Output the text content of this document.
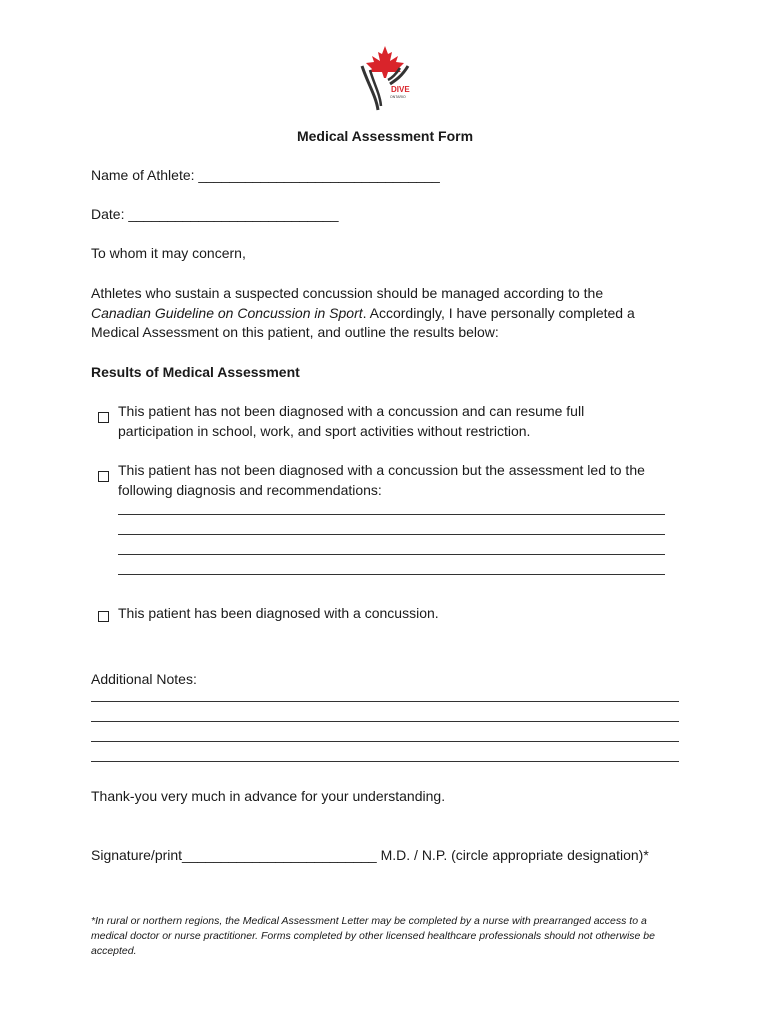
DIVE
ONTARIO
Medical Assessment Form
Name of Athlete: _______________________________
Date: ___________________________
To whom it may concern,
Athletes who sustain a suspected concussion should be managed according to the
Canadian Guideline on Concussion in Sport. Accordingly, I have personally completed a
Medical Assessment on this patient, and outline the results below:
Results of Medical Assessment
This patient has not been diagnosed with a concussion and can resume full
participation in school, work, and sport activities without restriction.
This patient has not been diagnosed with a concussion but the assessment led to the
following diagnosis and recommendations:
This patient has been diagnosed with a concussion.
Additional Notes:
Thank-you very much in advance for your understanding.
Signature/print_________________________ M.D. / N.P. (circle appropriate designation)*
*In rural or northern regions, the Medical Assessment Letter may be completed by a nurse with prearranged access to a medical doctor or nurse practitioner. Forms completed by other licensed healthcare professionals should not otherwise be accepted.
